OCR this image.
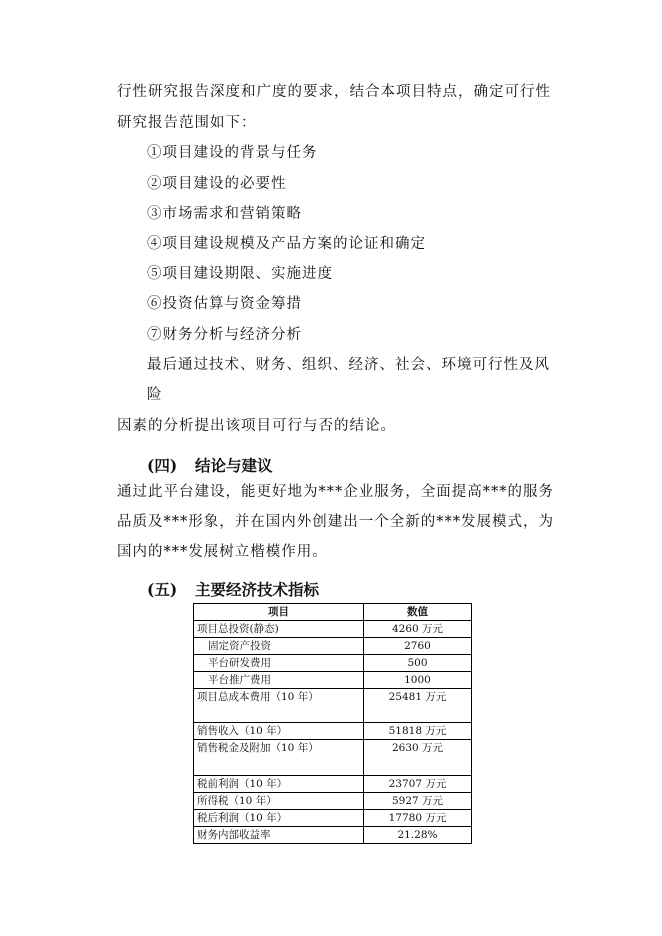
行性研究报告深度和广度的要求，结合本项目特点，确定可行性
研究报告范围如下：
①项目建设的背景与任务
②项目建设的必要性
③市场需求和营销策略
④项目建设规模及产品方案的论证和确定
⑤项目建设期限、实施进度
⑥投资估算与资金筹措
⑦财务分析与经济分析
最后通过技术、财务、组织、经济、社会、环境可行性及风
险
因素的分析提出该项目可行与否的结论。
(四) 结论与建议
通过此平台建设，能更好地为***企业服务，全面提高***的服务
品质及***形象，并在国内外创建出一个全新的***发展模式，为
国内的***发展树立楷模作用。
(五) 主要经济技术指标
项目	数值
项目总投资(静态)	4260 万元
固定资产投资	2760
平台研发费用	500
平台推广费用	1000
项目总成本费用（10 年）	25481 万元
销售收入（10 年）	51818 万元
销售税金及附加（10 年）	2630 万元
税前利润（10 年）	23707 万元
所得税（10 年）	5927 万元
税后利润（10 年）	17780 万元
财务内部收益率	21.28%
